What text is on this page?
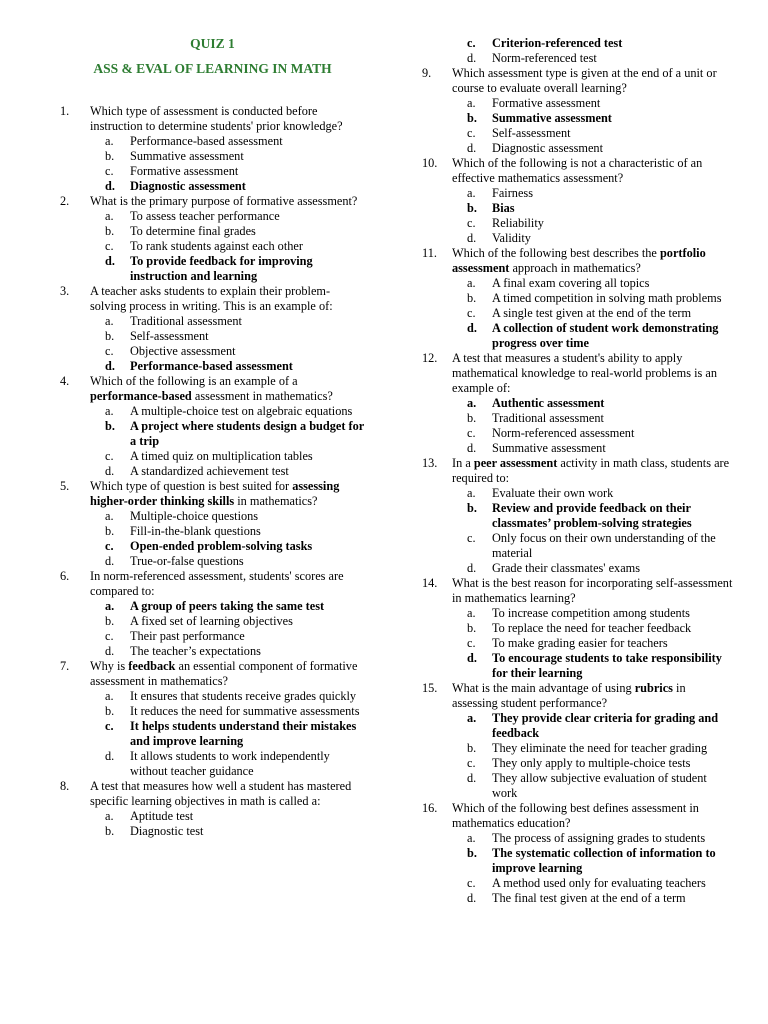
QUIZ 1
ASS & EVAL OF LEARNING IN MATH
1.	Which type of assessment is conducted before instruction to determine students' prior knowledge?
a.	Performance-based assessment
b.	Summative assessment
c.	Formative assessment
d.	Diagnostic assessment
2.	What is the primary purpose of formative assessment?
a.	To assess teacher performance
b.	To determine final grades
c.	To rank students against each other
d.	To provide feedback for improving instruction and learning
3.	A teacher asks students to explain their problem-solving process in writing. This is an example of:
a.	Traditional assessment
b.	Self-assessment
c.	Objective assessment
d.	Performance-based assessment
4.	Which of the following is an example of a performance-based assessment in mathematics?
a.	A multiple-choice test on algebraic equations
b.	A project where students design a budget for a trip
c.	A timed quiz on multiplication tables
d.	A standardized achievement test
5.	Which type of question is best suited for assessing higher-order thinking skills in mathematics?
a.	Multiple-choice questions
b.	Fill-in-the-blank questions
c.	Open-ended problem-solving tasks
d.	True-or-false questions
6.	In norm-referenced assessment, students' scores are compared to:
a.	A group of peers taking the same test
b.	A fixed set of learning objectives
c.	Their past performance
d.	The teacher’s expectations
7.	Why is feedback an essential component of formative assessment in mathematics?
a.	It ensures that students receive grades quickly
b.	It reduces the need for summative assessments
c.	It helps students understand their mistakes and improve learning
d.	It allows students to work independently without teacher guidance
8.	A test that measures how well a student has mastered specific learning objectives in math is called a:
a.	Aptitude test
b.	Diagnostic test
c.	Criterion-referenced test
d.	Norm-referenced test
9.	Which assessment type is given at the end of a unit or course to evaluate overall learning?
a.	Formative assessment
b.	Summative assessment
c.	Self-assessment
d.	Diagnostic assessment
10.	Which of the following is not a characteristic of an effective mathematics assessment?
a.	Fairness
b.	Bias
c.	Reliability
d.	Validity
11.	Which of the following best describes the portfolio assessment approach in mathematics?
a.	A final exam covering all topics
b.	A timed competition in solving math problems
c.	A single test given at the end of the term
d.	A collection of student work demonstrating progress over time
12.	A test that measures a student's ability to apply mathematical knowledge to real-world problems is an example of:
a.	Authentic assessment
b.	Traditional assessment
c.	Norm-referenced assessment
d.	Summative assessment
13.	In a peer assessment activity in math class, students are required to:
a.	Evaluate their own work
b.	Review and provide feedback on their classmates’ problem-solving strategies
c.	Only focus on their own understanding of the material
d.	Grade their classmates' exams
14.	What is the best reason for incorporating self-assessment in mathematics learning?
a.	To increase competition among students
b.	To replace the need for teacher feedback
c.	To make grading easier for teachers
d.	To encourage students to take responsibility for their learning
15.	What is the main advantage of using rubrics in assessing student performance?
a.	They provide clear criteria for grading and feedback
b.	They eliminate the need for teacher grading
c.	They only apply to multiple-choice tests
d.	They allow subjective evaluation of student work
16.	Which of the following best defines assessment in mathematics education?
a.	The process of assigning grades to students
b.	The systematic collection of information to improve learning
c.	A method used only for evaluating teachers
d.	The final test given at the end of a term
